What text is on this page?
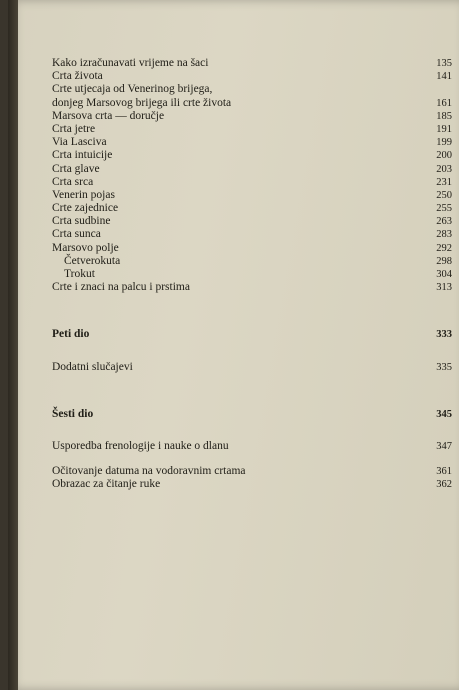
Kako izračunavati vrijeme na šaci	135
Crta života	141
Crte utjecaja od Venerinog brijega,
donjeg Marsovog brijega ili crte života	161
Marsova crta — doručje	185
Crta jetre	191
Via Lasciva	199
Crta intuicije	200
Crta glave	203
Crta srca	231
Venerin pojas	250
Crte zajednice	255
Crta sudbine	263
Crta sunca	283
Marsovo polje	292
Četverokuta	298
Trokut	304
Crte i znaci na palcu i prstima	313
Peti dio	333
Dodatni slučajevi	335
Šesti dio	345
Usporedba frenologije i nauke o dlanu	347
Očitovanje datuma na vodoravnim crtama	361
Obrazac za čitanje ruke	362
